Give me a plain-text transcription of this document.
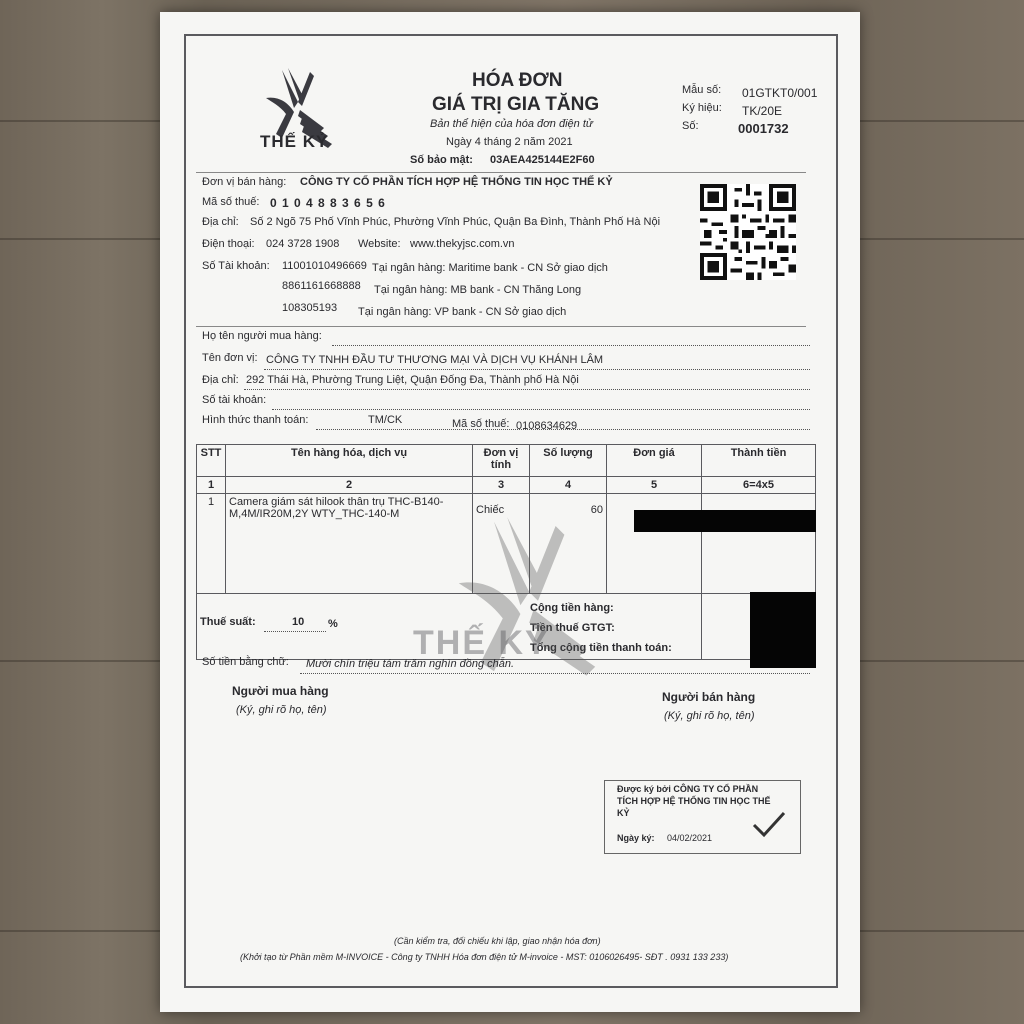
THẾ KỶ
HÓA ĐƠN
GIÁ TRỊ GIA TĂNG
Bản thể hiện của hóa đơn điện tử
Ngày 4 tháng 2 năm 2021
Số bảo mật: 03AEA425144E2F60
Mẫu số: 01GTKT0/001
Ký hiệu: TK/20E
Số:	0001732
Đơn vị bán hàng: CÔNG TY CỔ PHẦN TÍCH HỢP HỆ THỐNG TIN HỌC THẾ KỶ
Mã số thuế: 0 1 0 4 8 8 3 6 5 6
Địa chỉ: Số 2 Ngõ 75 Phố Vĩnh Phúc, Phường Vĩnh Phúc, Quận Ba Đình, Thành Phố Hà Nội
Điện thoại: 024 3728 1908 Website: www.thekyjsc.com.vn
Số Tài khoản: 11001010496669 Tại ngân hàng: Maritime bank - CN Sở giao dịch
8861161668888 Tại ngân hàng: MB bank - CN Thăng Long
108305193 Tại ngân hàng: VP bank - CN Sở giao dịch
Họ tên người mua hàng:
Tên đơn vị: CÔNG TY TNHH ĐẦU TƯ THƯƠNG MẠI VÀ DỊCH VỤ KHÁNH LÂM
Địa chỉ: 292 Thái Hà, Phường Trung Liệt, Quận Đống Đa, Thành phố Hà Nội
Số tài khoản:
Hình thức thanh toán:	TM/CK	Mã số thuế: 0108634629
STT	Tên hàng hóa, dịch vụ	Đơn vị tính	Số lượng	Đơn giá	Thành tiền
1	2	3	4	5	6=4x5
1	Camera giám sát hilook thân trụ THC-B140-M,4M/IR20M,2Y WTY_THC-140-M	Chiếc	60		

Thuế suất:	10 %
Cộng tiền hàng:
Tiền thuế GTGT:
Tổng cộng tiền thanh toán:
THẾ KỶ
Số tiền bằng chữ: Mười chín triệu tám trăm nghìn đồng chẵn.
Người mua hàng
(Ký, ghi rõ họ, tên)
Người bán hàng
(Ký, ghi rõ họ, tên)
Được ký bởi CÔNG TY CỔ PHẦN TÍCH HỢP HỆ THỐNG TIN HỌC THẾ KỶ
Ngày ký: 04/02/2021
(Cần kiểm tra, đối chiếu khi lập, giao nhận hóa đơn)
(Khởi tạo từ Phần mềm M-INVOICE - Công ty TNHH Hóa đơn điện tử M-invoice - MST: 0106026495- SĐT . 0931 133 233)
